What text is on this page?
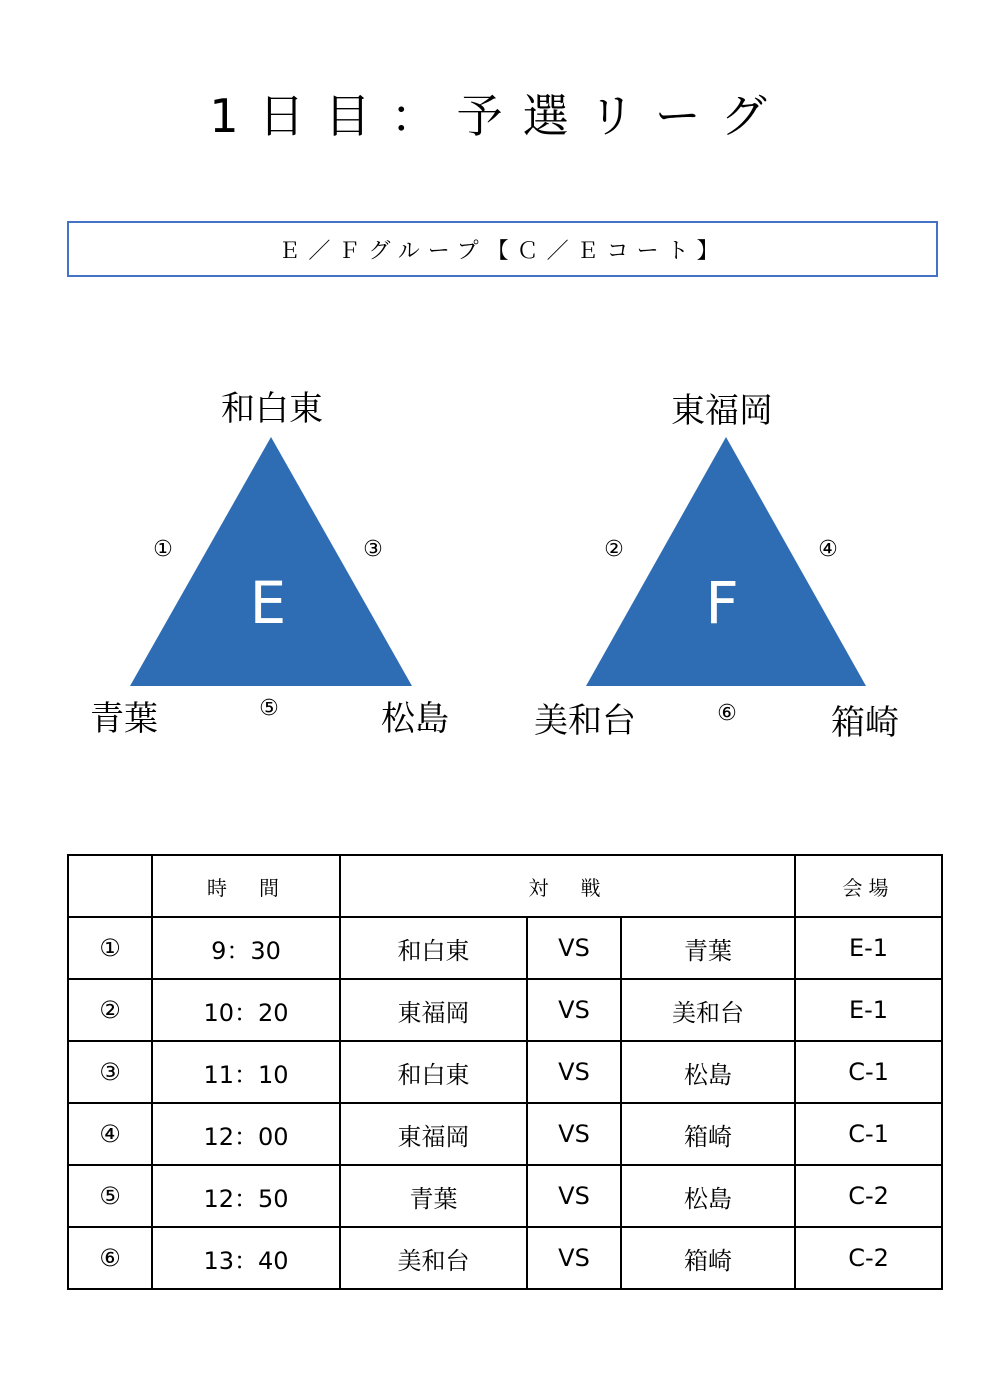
1日目：予選リーグ
Ｅ／Ｆグループ【Ｃ／Ｅコート】
E
和白東
青葉	松島
①	③
⑤
F
東福岡
美和台	箱崎
②	④
⑥
	時　間	対　戦			会場
①	9：30	和白東	VS	青葉	E-1
②	10：20	東福岡	VS	美和台	E-1
③	11：10	和白東	VS	松島	C-1
④	12：00	東福岡	VS	箱崎	C-1
⑤	12：50	青葉	VS	松島	C-2
⑥	13：40	美和台	VS	箱崎	C-2
